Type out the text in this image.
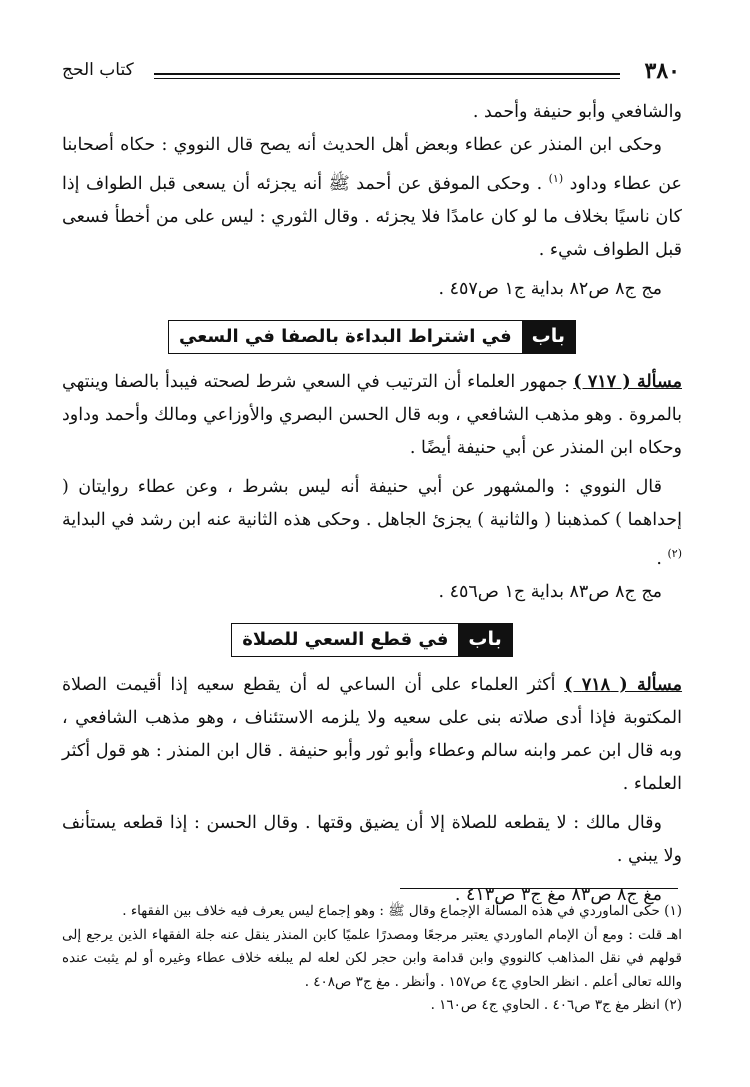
٣٨٠
كتاب الحج

والشافعي وأبو حنيفة وأحمد .

وحكى ابن المنذر عن عطاء وبعض أهل الحديث أنه يصح قال النووي : حكاه أصحابنا عن عطاء وداود $^{(١)}$ . وحكى الموفق عن أحمد ﷺ أنه يجزئه أن يسعى قبل الطواف إذا كان ناسيًا بخلاف ما لو كان عامدًا فلا يجزئه . وقال الثوري : ليس على من أخطأ فسعى قبل الطواف شيء .

مج ج٨ ص٨٢ بداية ج١ ص٤٥٧ .

باب
في اشتراط البداءة بالصفا في السعي

مسألة ( ٧١٧ ) جمهور العلماء أن الترتيب في السعي شرط لصحته فيبدأ بالصفا وينتهي بالمروة . وهو مذهب الشافعي ، وبه قال الحسن البصري والأوزاعي ومالك وأحمد وداود وحكاه ابن المنذر عن أبي حنيفة أيضًا .

قال النووي : والمشهور عن أبي حنيفة أنه ليس بشرط ، وعن عطاء روايتان ( إحداهما ) كمذهبنا ( والثانية ) يجزئ الجاهل . وحكى هذه الثانية عنه ابن رشد في البداية $^{(٢)}$ .

مج ج٨ ص٨٣ بداية ج١ ص٤٥٦ .

باب
في قطع السعي للصلاة

مسألة ( ٧١٨ ) أكثر العلماء على أن الساعي له أن يقطع سعيه إذا أقيمت الصلاة المكتوبة فإذا أدى صلاته بنى على سعيه ولا يلزمه الاستئناف ، وهو مذهب الشافعي ، وبه قال ابن عمر وابنه سالم وعطاء وأبو ثور وأبو حنيفة . قال ابن المنذر : هو قول أكثر العلماء .

وقال مالك : لا يقطعه للصلاة إلا أن يضيق وقتها . وقال الحسن : إذا قطعه يستأنف ولا يبني .

مغ ج٨ ص٨٣ مغ ج٣ ص٤١٣ .

(١) حكى الماوردي في هذه المسألة الإجماع وقال ﷺ : وهو إجماع ليس يعرف فيه خلاف بين الفقهاء .

اهـ قلت : ومع أن الإمام الماوردي يعتبر مرجعًا ومصدرًا علميًا كابن المنذر ينقل عنه جلة الفقهاء الذين يرجع إلى قولهم في نقل المذاهب كالنووي وابن قدامة وابن حجر لكن لعله لم يبلغه خلاف عطاء وغيره أو لم يثبت عنده والله تعالى أعلم . انظر الحاوي ج٤ ص١٥٧ . وأنظر . مغ ج٣ ص٤٠٨ .

(٢) انظر مغ ج٣ ص٤٠٦ . الحاوي ج٤ ص١٦٠ .
